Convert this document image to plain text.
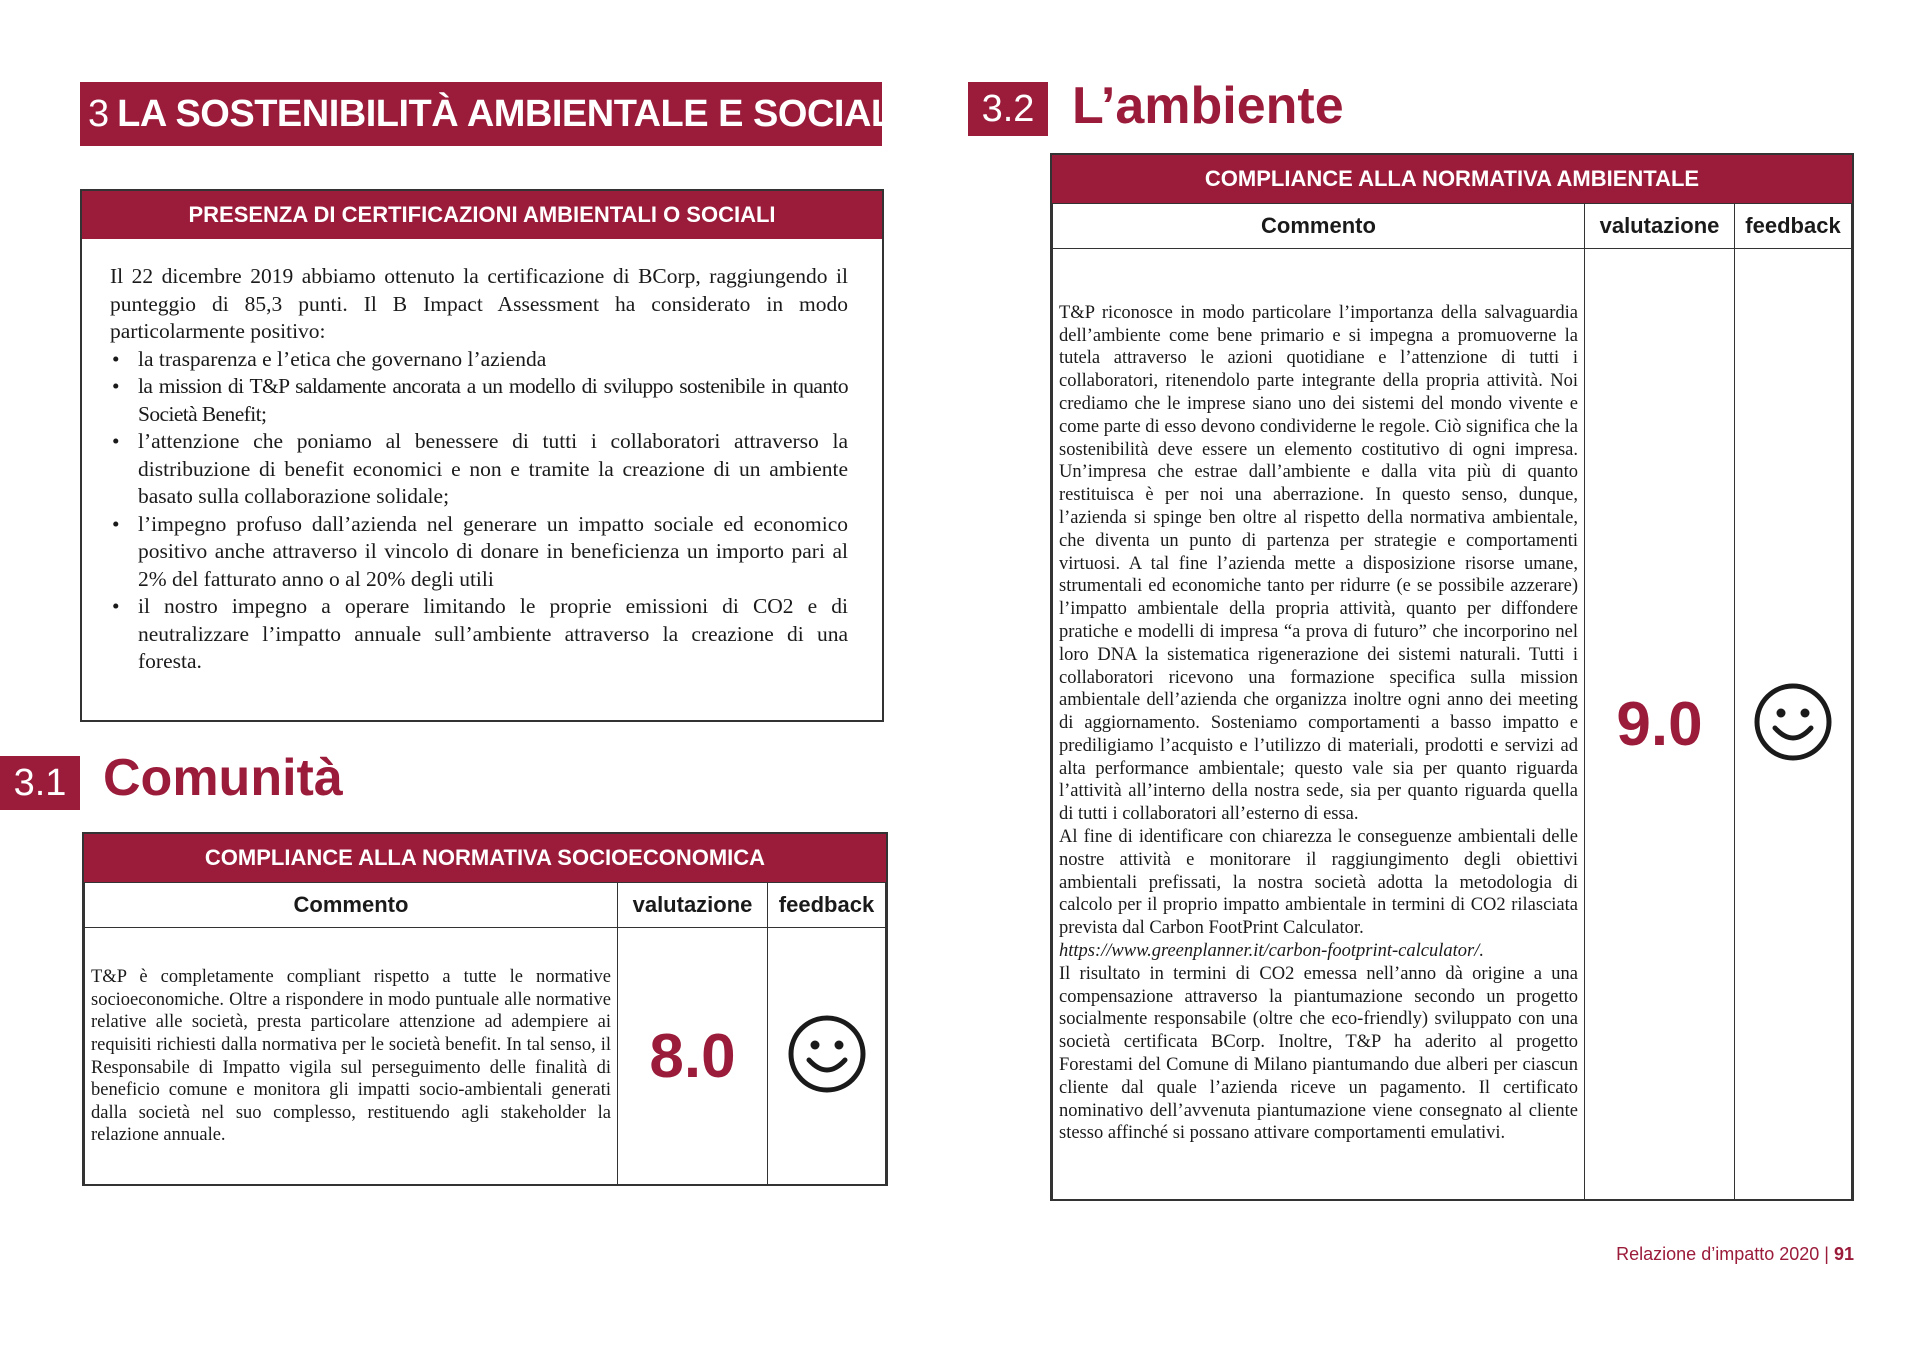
3 LA SOSTENIBILITÀ AMBIENTALE E SOCIALE
PRESENZA DI CERTIFICAZIONI AMBIENTALI O SOCIALI
Il 22 dicembre 2019 abbiamo ottenuto la certificazione di BCorp, raggiungendo il punteggio di 85,3 punti. Il B Impact Assessment ha considerato in modo particolarmente positivo:
• la trasparenza e l’etica che governano l’azienda
• la mission di T&P saldamente ancorata a un modello di sviluppo sostenibile in quanto Società Benefit;
• l’attenzione che poniamo al benessere di tutti i collaboratori attraverso la distribuzione di benefit economici e non e tramite la creazione di un ambiente basato sulla collaborazione solidale;
• l’impegno profuso dall’azienda nel generare un impatto sociale ed economico positivo anche attraverso il vincolo di donare in beneficienza un importo pari al 2% del fatturato anno o al 20% degli utili
• il nostro impegno a operare limitando le proprie emissioni di CO2 e di neutralizzare l’impatto annuale sull’ambiente attraverso la creazione di una foresta.
3.1 Comunità
COMPLIANCE ALLA NORMATIVA SOCIOECONOMICA
Commento	valutazione	feedback
T&P è completamente compliant rispetto a tutte le normative socioeconomiche. Oltre a rispondere in modo puntuale alle normative relative alle società, presta particolare attenzione ad adempiere ai requisiti richiesti dalla normativa per le società benefit. In tal senso, il Responsabile di Impatto vigila sul perseguimento delle finalità di beneficio comune e monitora gli impatti socio-ambientali generati dalla società nel suo complesso, restituendo agli stakeholder la relazione annuale.	8.0	
3.2 L’ambiente
COMPLIANCE ALLA NORMATIVA AMBIENTALE
Commento	valutazione	feedback

T&P riconosce in modo particolare l’importanza della salvaguardia dell’ambiente come bene primario e si impegna a promuoverne la tutela attraverso le azioni quotidiane e l’attenzione di tutti i collaboratori, ritenendolo parte integrante della propria attività. Noi crediamo che le imprese siano uno dei sistemi del mondo vivente e come parte di esso devono condividerne le regole. Ciò significa che la sostenibilità deve essere un elemento costitutivo di ogni impresa. Un’impresa che estrae dall’ambiente e dalla vita più di quanto restituisca è per noi una aberrazione. In questo senso, dunque, l’azienda si spinge ben oltre al rispetto della normativa ambientale, che diventa un punto di partenza per strategie e comportamenti virtuosi. A tal fine l’azienda mette a disposizione risorse umane, strumentali ed economiche tanto per ridurre (e se possibile azzerare) l’impatto ambientale della propria attività, quanto per diffondere pratiche e modelli di impresa “a prova di futuro” che incorporino nel loro DNA la sistematica rigenerazione dei sistemi naturali. Tutti i collaboratori ricevono una formazione specifica sulla mission ambientale dell’azienda che organizza inoltre ogni anno dei meeting di aggiornamento. Sosteniamo comportamenti a basso impatto e prediligiamo l’acquisto e l’utilizzo di materiali, prodotti e servizi ad alta performance ambientale; questo vale sia per quanto riguarda l’attività all’interno della nostra sede, sia per quanto riguarda quella di tutti i collaboratori all’esterno di essa.
Al fine di identificare con chiarezza le conseguenze ambientali delle nostre attività e monitorare il raggiungimento degli obiettivi ambientali prefissati, la nostra società adotta la metodologia di calcolo per il proprio impatto ambientale in termini di CO2 rilasciata prevista dal Carbon FootPrint Calculator.
https://www.greenplanner.it/carbon-footprint-calculator/.
Il risultato in termini di CO2 emessa nell’anno dà origine a una compensazione attraverso la piantumazione secondo un progetto socialmente responsabile (oltre che eco-friendly) sviluppato con una società certificata BCorp. Inoltre, T&P ha aderito al progetto Forestami del Comune di Milano piantumando due alberi per ciascun cliente dal quale l’azienda riceve un pagamento. Il certificato nominativo dell’avvenuta piantumazione viene consegnato al cliente stesso affinché si possano attivare comportamenti emulativi.	9.0	
Relazione d’impatto 2020 | 91
